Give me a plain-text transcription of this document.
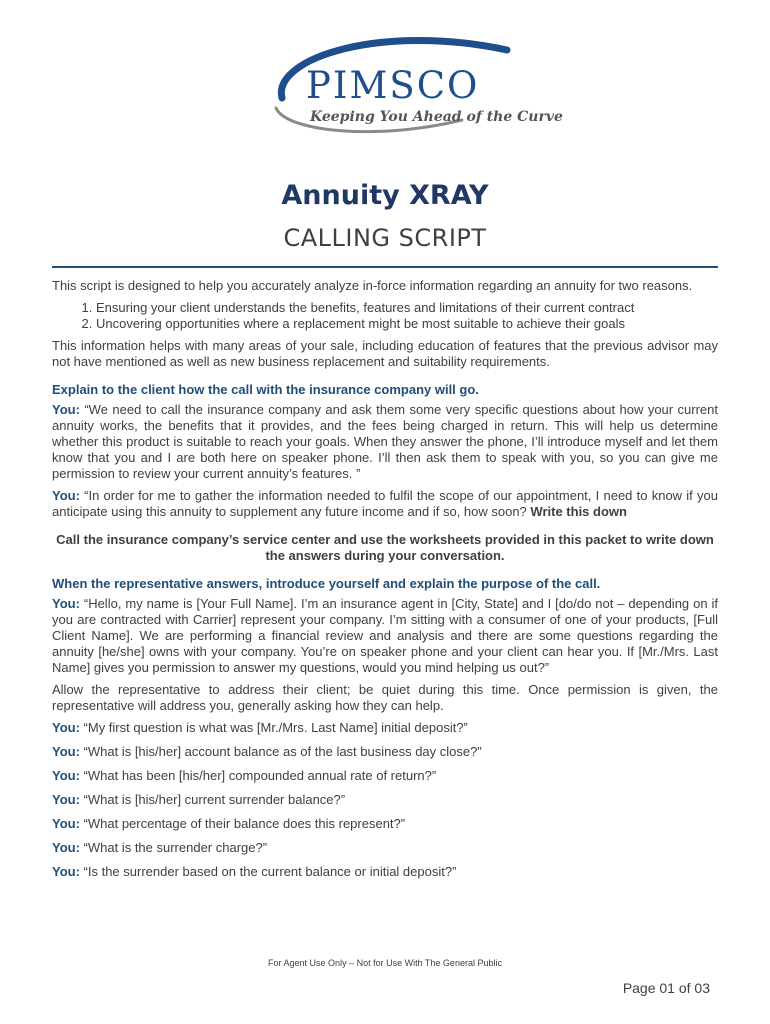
PIMSCO
Keeping You Ahead of the Curve
Annuity XRAY
CALLING SCRIPT

This script is designed to help you accurately analyze in-force information regarding an annuity for two reasons.

1. Ensuring your client understands the benefits, features and limitations of their current contract
2. Uncovering opportunities where a replacement might be most suitable to achieve their goals

This information helps with many areas of your sale, including education of features that the previous advisor may not have mentioned as well as new business replacement and suitability requirements.

Explain to the client how the call with the insurance company will go.

You: “We need to call the insurance company and ask them some very specific questions about how your current annuity works, the benefits that it provides, and the fees being charged in return. This will help us determine whether this product is suitable to reach your goals. When they answer the phone, I’ll introduce myself and let them know that you and I are both here on speaker phone. I’ll then ask them to speak with you, so you can give me permission to review your current annuity’s features. ”

You: “In order for me to gather the information needed to fulfil the scope of our appointment, I need to know if you anticipate using this annuity to supplement any future income and if so, how soon? Write this down

Call the insurance company’s service center and use the worksheets provided in this packet to write down the answers during your conversation.

When the representative answers, introduce yourself and explain the purpose of the call.

You: “Hello, my name is [Your Full Name]. I’m an insurance agent in [City, State] and I [do/do not – depending on if you are contracted with Carrier] represent your company. I’m sitting with a consumer of one of your products, [Full Client Name]. We are performing a financial review and analysis and there are some questions regarding the annuity [he/she] owns with your company. You’re on speaker phone and your client can hear you. If [Mr./Mrs. Last Name] gives you permission to answer my questions, would you mind helping us out?”

Allow the representative to address their client; be quiet during this time. Once permission is given, the representative will address you, generally asking how they can help.

You: “My first question is what was [Mr./Mrs. Last Name] initial deposit?”

You: “What is [his/her] account balance as of the last business day close?”

You: “What has been [his/her] compounded annual rate of return?”

You: “What is [his/her] current surrender balance?”

You: “What percentage of their balance does this represent?”

You: “What is the surrender charge?”

You: “Is the surrender based on the current balance or initial deposit?”

For Agent Use Only – Not for Use With The General Public
Page 01 of 03
